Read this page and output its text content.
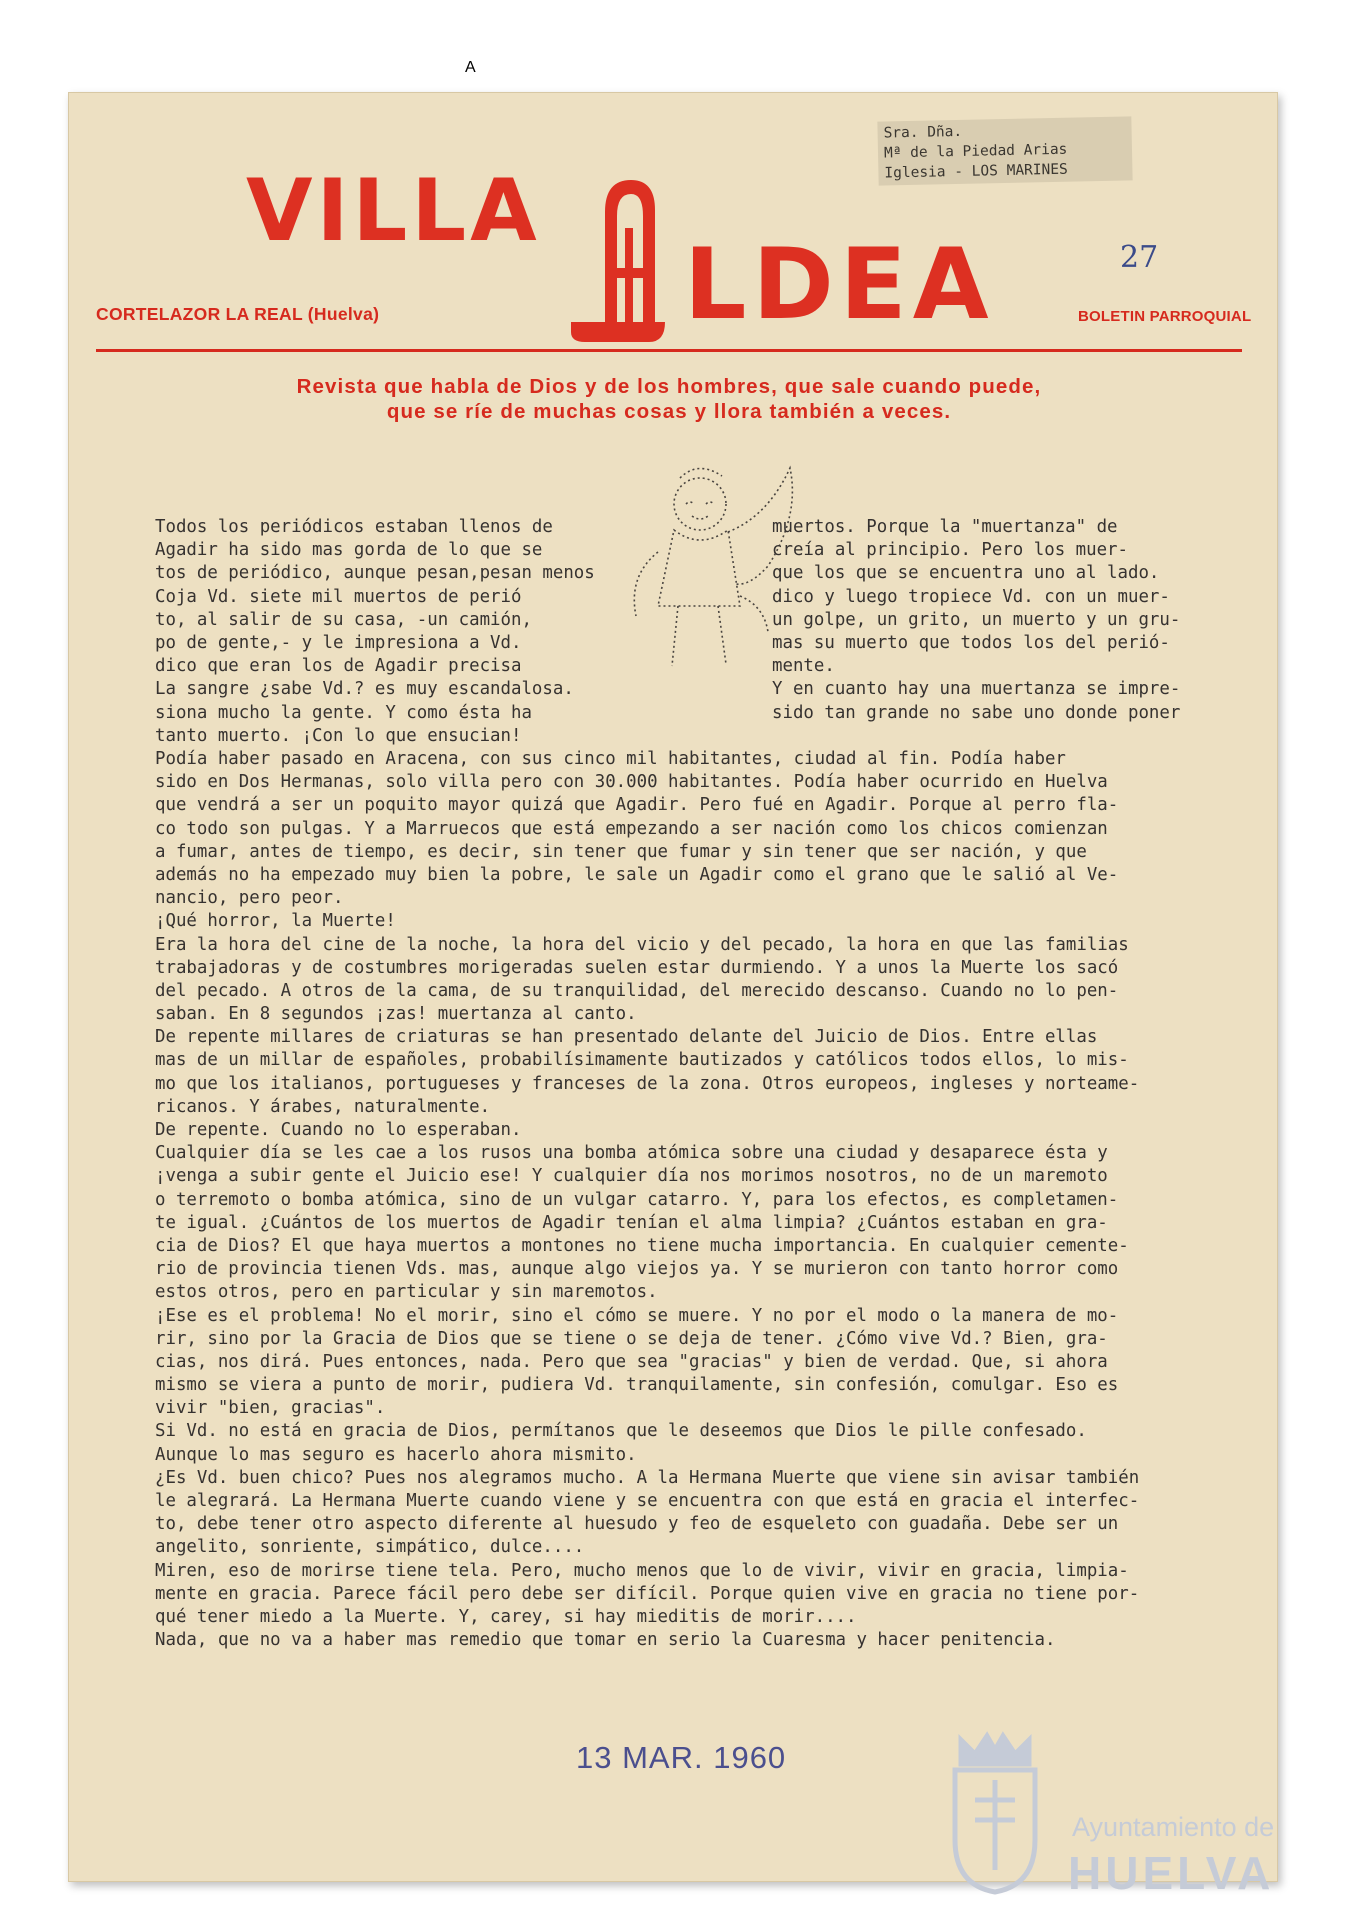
Sra. Dña.
Mª de la Piedad Arias
Iglesia - LOS MARINES
VILLA
A
LDEA	27
CORTELAZOR LA REAL (Huelva)	BOLETIN PARROQUIAL
Revista que habla de Dios y de los hombres, que sale cuando puede,
que se ríe de muchas cosas y llora también a veces.
Todos los periódicos estaban llenos de
Agadir ha sido mas gorda de lo que se
tos de periódico, aunque pesan,pesan menos
Coja Vd. siete mil muertos de perió
to, al salir de su casa, -un camión,
po de gente,- y le impresiona a Vd.
dico que eran los de Agadir precisa
La sangre ¿sabe Vd.? es muy escandalosa.
siona mucho la gente. Y como ésta ha
tanto muerto. ¡Con lo que ensucian!
muertos. Porque la "muertanza" de
creía al principio. Pero los muer-
que los que se encuentra uno al lado.
dico y luego tropiece Vd. con un muer-
un golpe, un grito, un muerto y un gru-
mas su muerto que todos los del perió-
mente.
Y en cuanto hay una muertanza se impre-
sido tan grande no sabe uno donde poner
Podía haber pasado en Aracena, con sus cinco mil habitantes, ciudad al fin. Podía haber
sido en Dos Hermanas, solo villa pero con 30.000 habitantes. Podía haber ocurrido en Huelva
que vendrá a ser un poquito mayor quizá que Agadir. Pero fué en Agadir. Porque al perro fla-
co todo son pulgas. Y a Marruecos que está empezando a ser nación como los chicos comienzan
a fumar, antes de tiempo, es decir, sin tener que fumar y sin tener que ser nación, y que
además no ha empezado muy bien la pobre, le sale un Agadir como el grano que le salió al Ve-
nancio, pero peor.
¡Qué horror, la Muerte!
Era la hora del cine de la noche, la hora del vicio y del pecado, la hora en que las familias
trabajadoras y de costumbres morigeradas suelen estar durmiendo. Y a unos la Muerte los sacó
del pecado. A otros de la cama, de su tranquilidad, del merecido descanso. Cuando no lo pen-
saban. En 8 segundos ¡zas! muertanza al canto.
De repente millares de criaturas se han presentado delante del Juicio de Dios. Entre ellas
mas de un millar de españoles, probabilísimamente bautizados y católicos todos ellos, lo mis-
mo que los italianos, portugueses y franceses de la zona. Otros europeos, ingleses y norteame-
ricanos. Y árabes, naturalmente.
De repente. Cuando no lo esperaban.
Cualquier día se les cae a los rusos una bomba atómica sobre una ciudad y desaparece ésta y
¡venga a subir gente el Juicio ese! Y cualquier día nos morimos nosotros, no de un maremoto
o terremoto o bomba atómica, sino de un vulgar catarro. Y, para los efectos, es completamen-
te igual. ¿Cuántos de los muertos de Agadir tenían el alma limpia? ¿Cuántos estaban en gra-
cia de Dios? El que haya muertos a montones no tiene mucha importancia. En cualquier cemente-
rio de provincia tienen Vds. mas, aunque algo viejos ya. Y se murieron con tanto horror como
estos otros, pero en particular y sin maremotos.
¡Ese es el problema! No el morir, sino el cómo se muere. Y no por el modo o la manera de mo-
rir, sino por la Gracia de Dios que se tiene o se deja de tener. ¿Cómo vive Vd.? Bien, gra-
cias, nos dirá. Pues entonces, nada. Pero que sea "gracias" y bien de verdad. Que, si ahora
mismo se viera a punto de morir, pudiera Vd. tranquilamente, sin confesión, comulgar. Eso es
vivir "bien, gracias".
Si Vd. no está en gracia de Dios, permítanos que le deseemos que Dios le pille confesado.
Aunque lo mas seguro es hacerlo ahora mismito.
¿Es Vd. buen chico? Pues nos alegramos mucho. A la Hermana Muerte que viene sin avisar también
le alegrará. La Hermana Muerte cuando viene y se encuentra con que está en gracia el interfec-
to, debe tener otro aspecto diferente al huesudo y feo de esqueleto con guadaña. Debe ser un
angelito, sonriente, simpático, dulce....
Miren, eso de morirse tiene tela. Pero, mucho menos que lo de vivir, vivir en gracia, limpia-
mente en gracia. Parece fácil pero debe ser difícil. Porque quien vive en gracia no tiene por-
qué tener miedo a la Muerte. Y, carey, si hay mieditis de morir....
Nada, que no va a haber mas remedio que tomar en serio la Cuaresma y hacer penitencia.
13 MAR. 1960
Ayuntamiento de
HUELVA
